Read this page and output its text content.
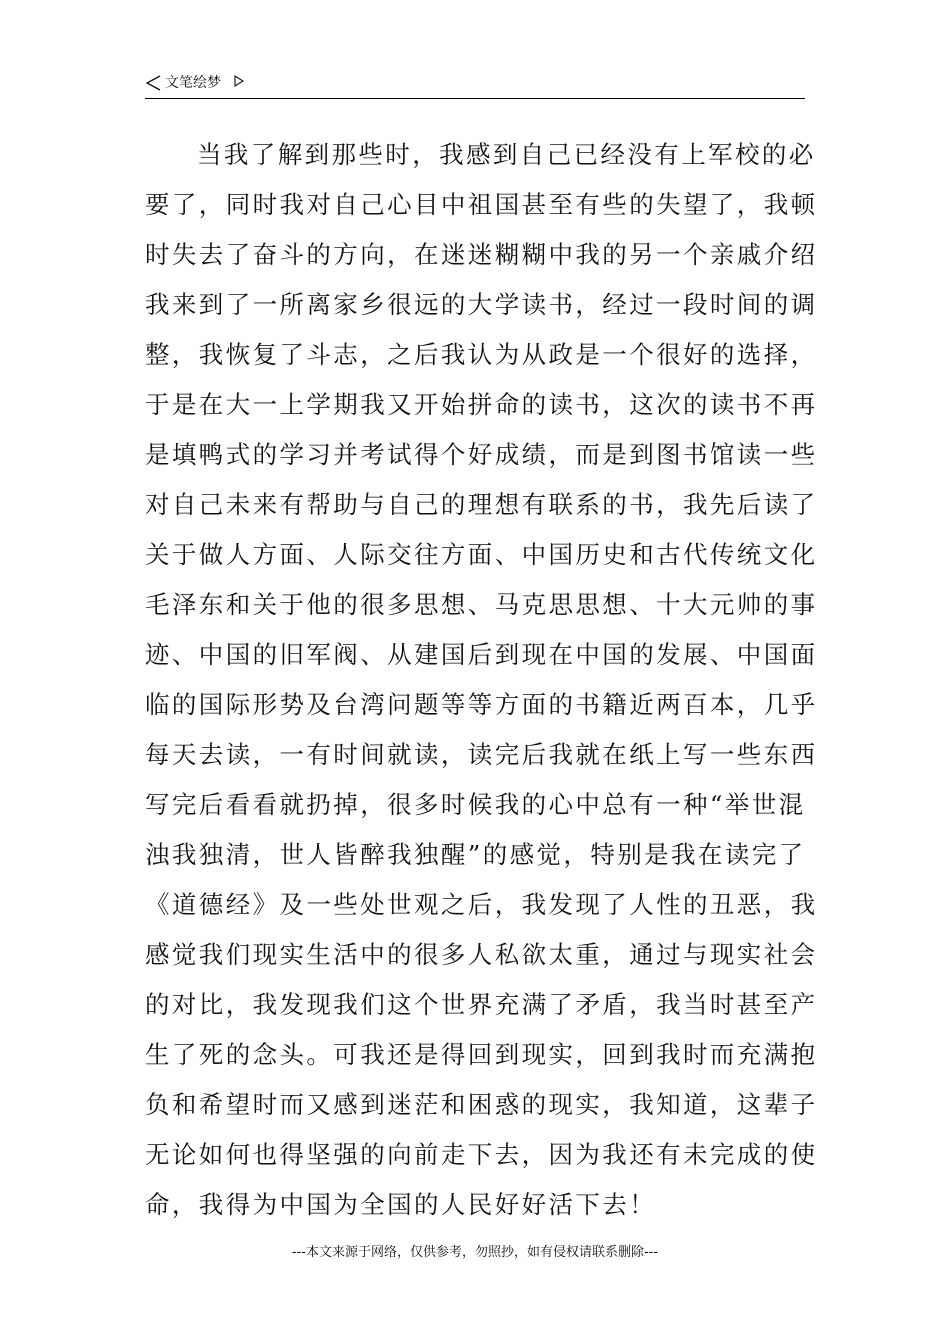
文笔绘梦
当我了解到那些时，我感到自己已经没有上军校的必
要了，同时我对自己心目中祖国甚至有些的失望了，我顿
时失去了奋斗的方向，在迷迷糊糊中我的另一个亲戚介绍
我来到了一所离家乡很远的大学读书，经过一段时间的调
整，我恢复了斗志，之后我认为从政是一个很好的选择，
于是在大一上学期我又开始拼命的读书，这次的读书不再
是填鸭式的学习并考试得个好成绩，而是到图书馆读一些
对自己未来有帮助与自己的理想有联系的书，我先后读了
关于做人方面、人际交往方面、中国历史和古代传统文化
毛泽东和关于他的很多思想、马克思思想、十大元帅的事
迹、中国的旧军阀、从建国后到现在中国的发展、中国面
临的国际形势及台湾问题等等方面的书籍近两百本，几乎
每天去读，一有时间就读，读完后我就在纸上写一些东西
写完后看看就扔掉，很多时候我的心中总有一种“举世混
浊我独清，世人皆醉我独醒”的感觉，特别是我在读完了
《道德经》及一些处世观之后，我发现了人性的丑恶，我
感觉我们现实生活中的很多人私欲太重，通过与现实社会
的对比，我发现我们这个世界充满了矛盾，我当时甚至产
生了死的念头。可我还是得回到现实，回到我时而充满抱
负和希望时而又感到迷茫和困惑的现实，我知道，这辈子
无论如何也得坚强的向前走下去，因为我还有未完成的使
命，我得为中国为全国的人民好好活下去！
---本文来源于网络，仅供参考，勿照抄，如有侵权请联系删除---
